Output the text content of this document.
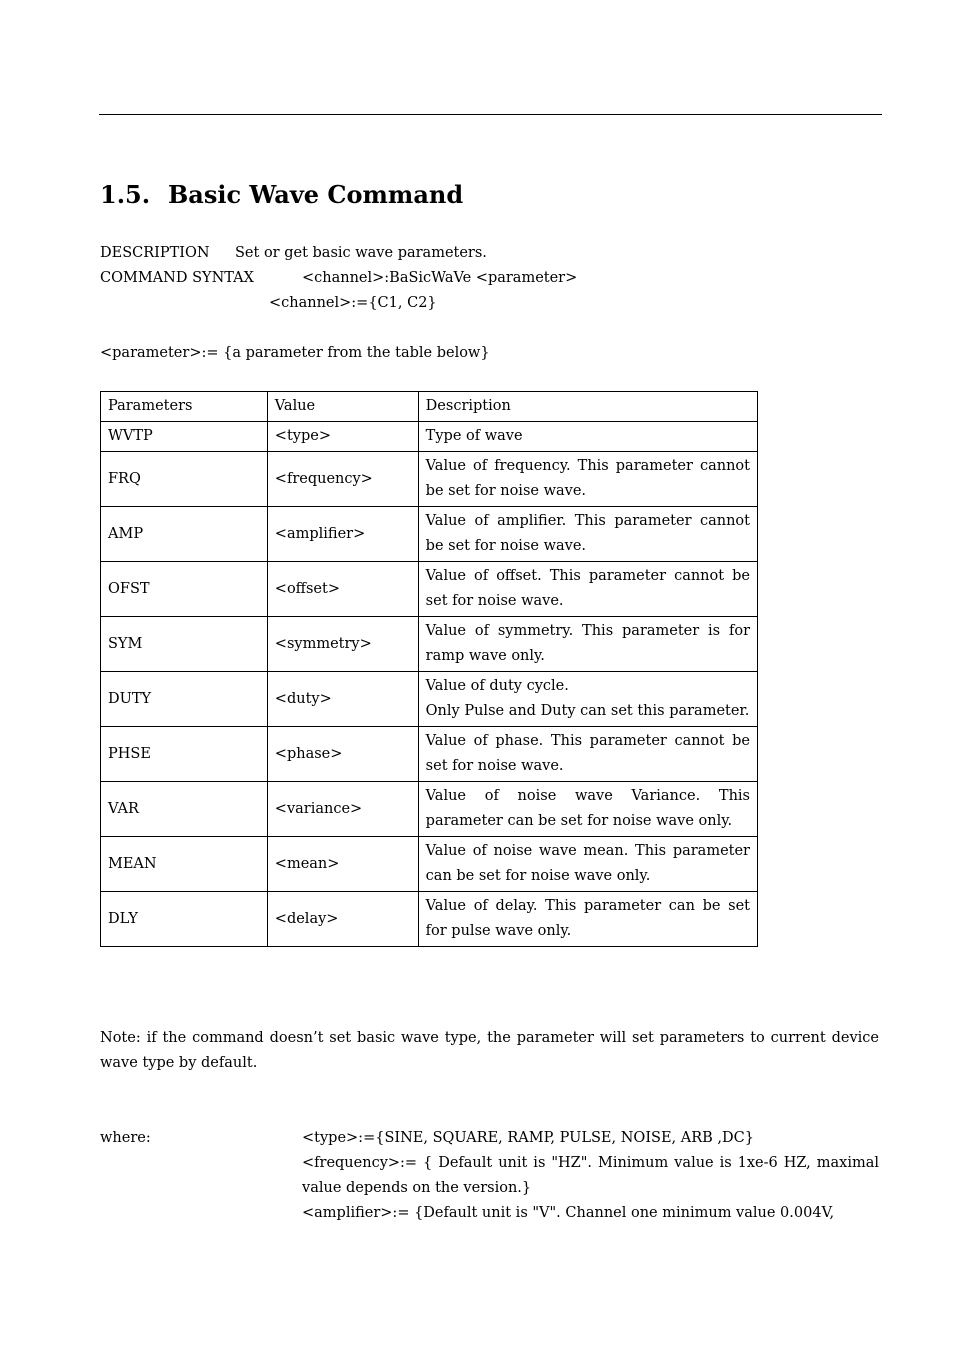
1.5. Basic Wave Command
DESCRIPTION Set or get basic wave parameters.
COMMAND SYNTAX	<channel>:BaSicWaVe <parameter>
<channel>:={C1, C2}
<parameter>:= {a parameter from the table below}
Parameters	Value	Description
WVTP	<type>	Type of wave
FRQ	<frequency>	Value of frequency. This parameter cannot be set for noise wave.
AMP	<amplifier>	Value of amplifier. This parameter cannot be set for noise wave.
OFST	<offset>	Value of offset. This parameter cannot be set for noise wave.
SYM	<symmetry>	Value of symmetry. This parameter is for ramp wave only.
DUTY	<duty>	Value of duty cycle.
Only Pulse and Duty can set this parameter.

PHSE	<phase>	Value of phase. This parameter cannot be set for noise wave.
VAR	<variance>	Value of noise wave Variance. This parameter can be set for noise wave only.
MEAN	<mean>	Value of noise wave mean. This parameter can be set for noise wave only.
DLY	<delay>	Value of delay. This parameter can be set for pulse wave only.
Note: if the command doesn’t set basic wave type, the parameter will set parameters to current device wave type by default.
where:	<type>:={SINE, SQUARE, RAMP, PULSE, NOISE, ARB ,DC}
<frequency>:= { Default unit is "HZ". Minimum value is 1xe-6 HZ, maximal value depends on the version.}
<amplifier>:= {Default unit is "V". Channel one minimum value 0.004V,
